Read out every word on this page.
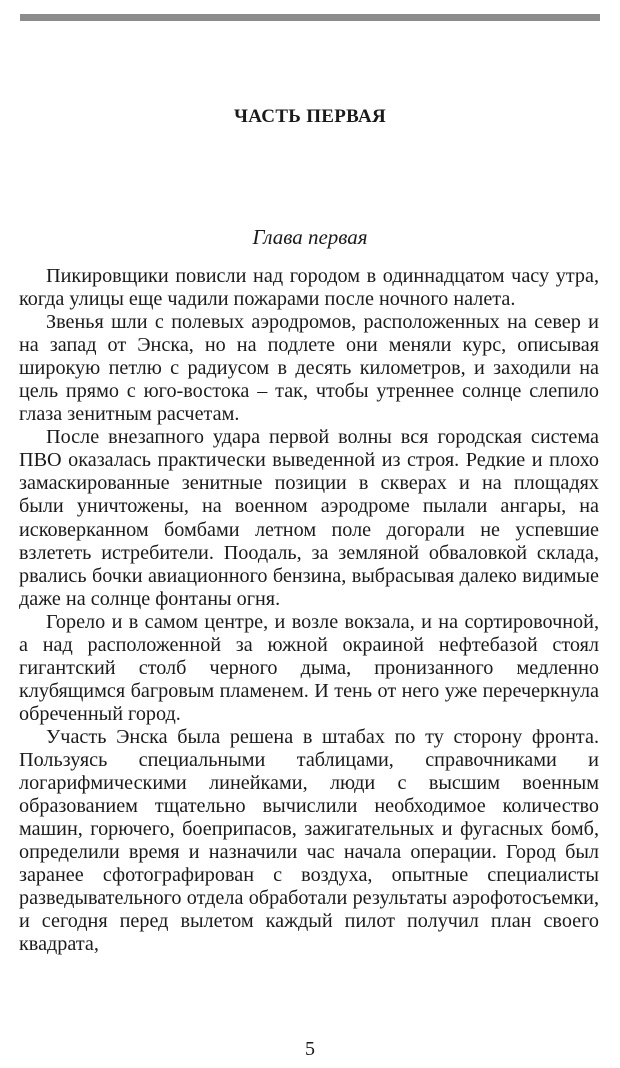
ЧАСТЬ ПЕРВАЯ
Глава первая

Пикировщики повисли над городом в одиннадцатом часу утра, когда улицы еще чадили пожарами после ночного налета.

Звенья шли с полевых аэродромов, расположенных на север и на запад от Энска, но на подлете они меняли курс, описывая широкую петлю с радиусом в десять километров, и заходили на цель прямо с юго-востока – так, чтобы утреннее солнце слепило глаза зенитным расчетам.

После внезапного удара первой волны вся городская система ПВО оказалась практически выведенной из строя. Редкие и плохо замаскированные зенитные позиции в скверах и на площадях были уничтожены, на военном аэродроме пылали ангары, на исковерканном бомбами летном поле догорали не успевшие взлететь истребители. Поодаль, за земляной обваловкой склада, рвались бочки авиационного бензина, выбрасывая далеко видимые даже на солнце фонтаны огня.

Горело и в самом центре, и возле вокзала, и на сортировочной, а над расположенной за южной окраиной нефтебазой стоял гигантский столб черного дыма, пронизанного медленно клубящимся багровым пламенем. И тень от него уже перечеркнула обреченный город.

Участь Энска была решена в штабах по ту сторону фронта. Пользуясь специальными таблицами, справочниками и логарифмическими линейками, люди с высшим военным образованием тщательно вычислили необходимое количество машин, горючего, боеприпасов, зажигательных и фугасных бомб, определили время и назначили час начала операции. Город был заранее сфотографирован с воздуха, опытные специалисты разведывательного отдела обработали результаты аэрофотосъемки, и сегодня перед вылетом каждый пилот получил план своего квадрата,

5
